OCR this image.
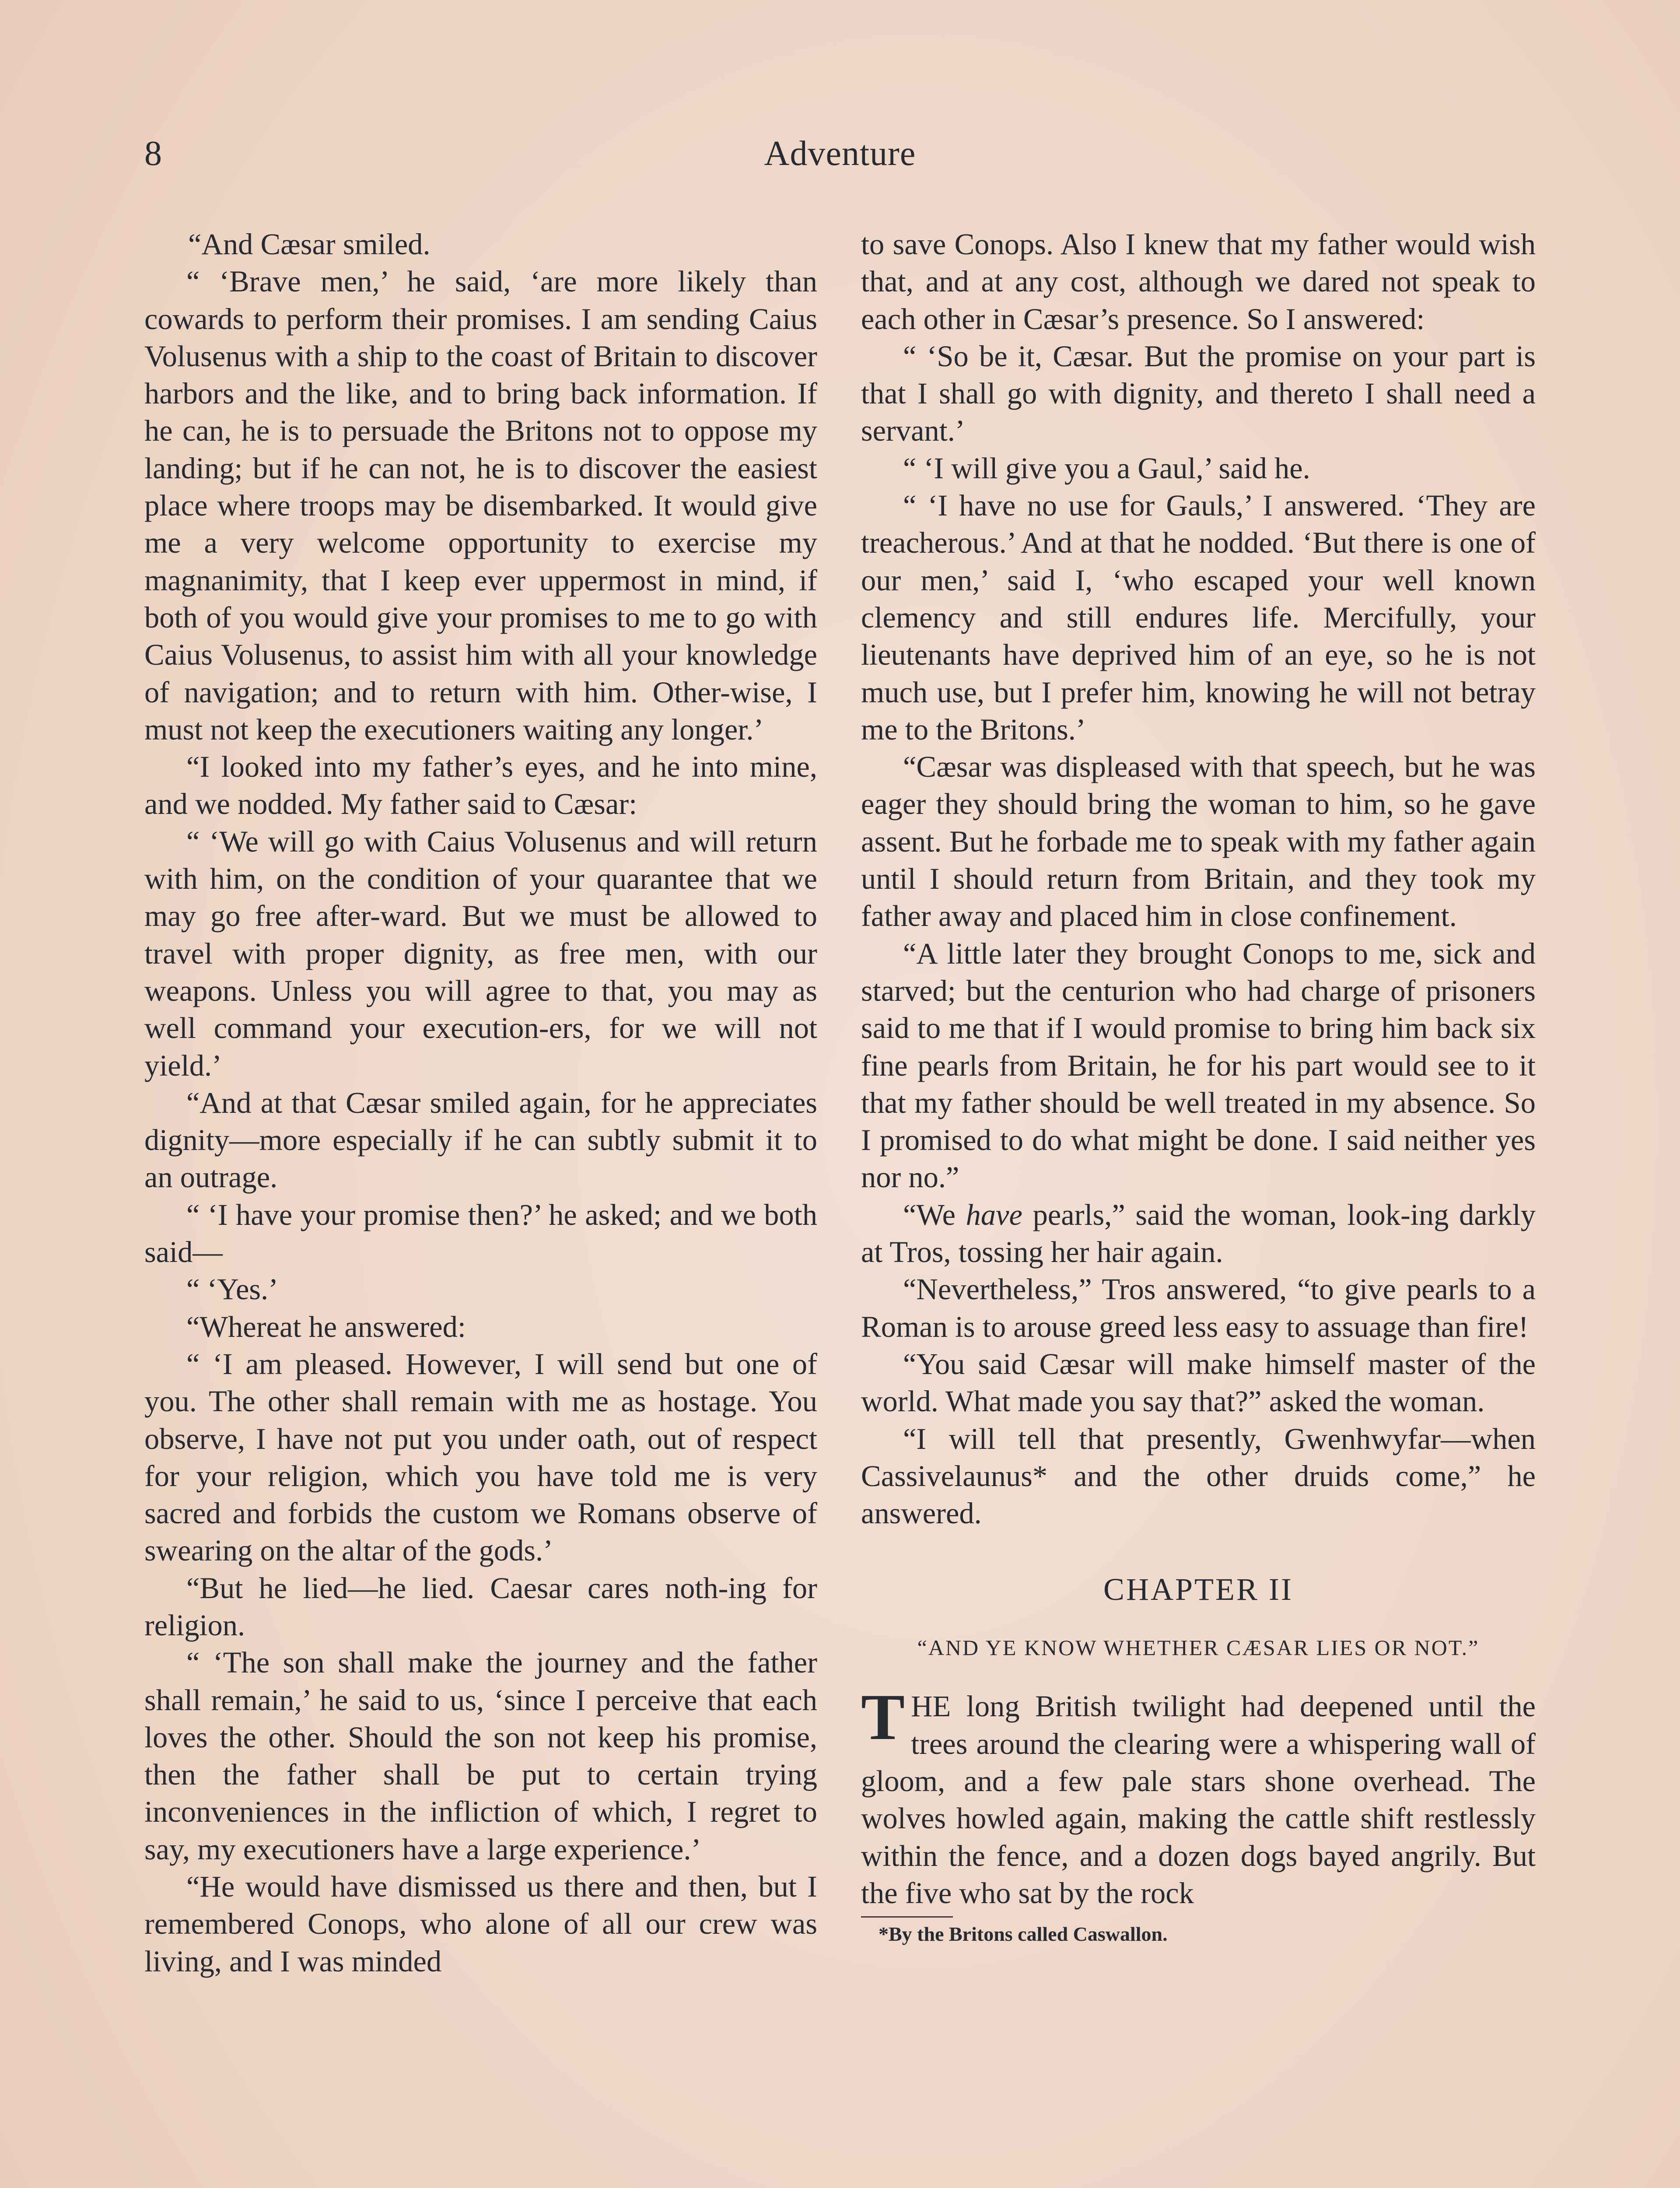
8	Adventure

“And Cæsar smiled.

“ ‘Brave men,’ he said, ‘are more likely than cowards to perform their promises. I am sending Caius Volusenus with a ship to the coast of Britain to discover harbors and the like, and to bring back information. If he can, he is to persuade the Britons not to oppose my landing; but if he can not, he is to discover the easiest place where troops may be disembarked. It would give me a very welcome opportunity to exercise my magnanimity, that I keep ever uppermost in mind, if both of you would give your promises to me to go with Caius Volusenus, to assist him with all your knowledge of navigation; and to return with him. Other-wise, I must not keep the executioners waiting any longer.’

“I looked into my father’s eyes, and he into mine, and we nodded. My father said to Cæsar:

“ ‘We will go with Caius Volusenus and will return with him, on the condition of your quarantee that we may go free after-ward. But we must be allowed to travel with proper dignity, as free men, with our weapons. Unless you will agree to that, you may as well command your execution-ers, for we will not yield.’

“And at that Cæsar smiled again, for he appreciates dignity—more especially if he can subtly submit it to an outrage.

“ ‘I have your promise then?’ he asked; and we both said—

“ ‘Yes.’

“Whereat he answered:

“ ‘I am pleased. However, I will send but one of you. The other shall remain with me as hostage. You observe, I have not put you under oath, out of respect for your religion, which you have told me is very sacred and forbids the custom we Romans observe of swearing on the altar of the gods.’

“But he lied—he lied. Caesar cares noth-ing for religion.

“ ‘The son shall make the journey and the father shall remain,’ he said to us, ‘since I perceive that each loves the other. Should the son not keep his promise, then the father shall be put to certain trying inconveniences in the infliction of which, I regret to say, my executioners have a large experience.’

“He would have dismissed us there and then, but I remembered Conops, who alone of all our crew was living, and I was minded

to save Conops. Also I knew that my father would wish that, and at any cost, although we dared not speak to each other in Cæsar’s presence. So I answered:

“ ‘So be it, Cæsar. But the promise on your part is that I shall go with dignity, and thereto I shall need a servant.’

“ ‘I will give you a Gaul,’ said he.

“ ‘I have no use for Gauls,’ I answered. ‘They are treacherous.’ And at that he nodded. ‘But there is one of our men,’ said I, ‘who escaped your well known clemency and still endures life. Mercifully, your lieutenants have deprived him of an eye, so he is not much use, but I prefer him, knowing he will not betray me to the Britons.’

“Cæsar was displeased with that speech, but he was eager they should bring the woman to him, so he gave assent. But he forbade me to speak with my father again until I should return from Britain, and they took my father away and placed him in close confinement.

“A little later they brought Conops to me, sick and starved; but the centurion who had charge of prisoners said to me that if I would promise to bring him back six fine pearls from Britain, he for his part would see to it that my father should be well treated in my absence. So I promised to do what might be done. I said neither yes nor no.”

“We have pearls,” said the woman, look-ing darkly at Tros, tossing her hair again.

“Nevertheless,” Tros answered, “to give pearls to a Roman is to arouse greed less easy to assuage than fire!

“You said Cæsar will make himself master of the world. What made you say that?” asked the woman.

“I will tell that presently, Gwenhwyfar—when Cassivelaunus* and the other druids come,” he answered.

CHAPTER II
“AND YE KNOW WHETHER CÆSAR LIES OR NOT.”

THE long British twilight had deepened until the trees around the clearing were a whispering wall of gloom, and a few pale stars shone overhead. The wolves howled again, making the cattle shift restlessly within the fence, and a dozen dogs bayed angrily. But the five who sat by the rock

*By the Britons called Caswallon.
